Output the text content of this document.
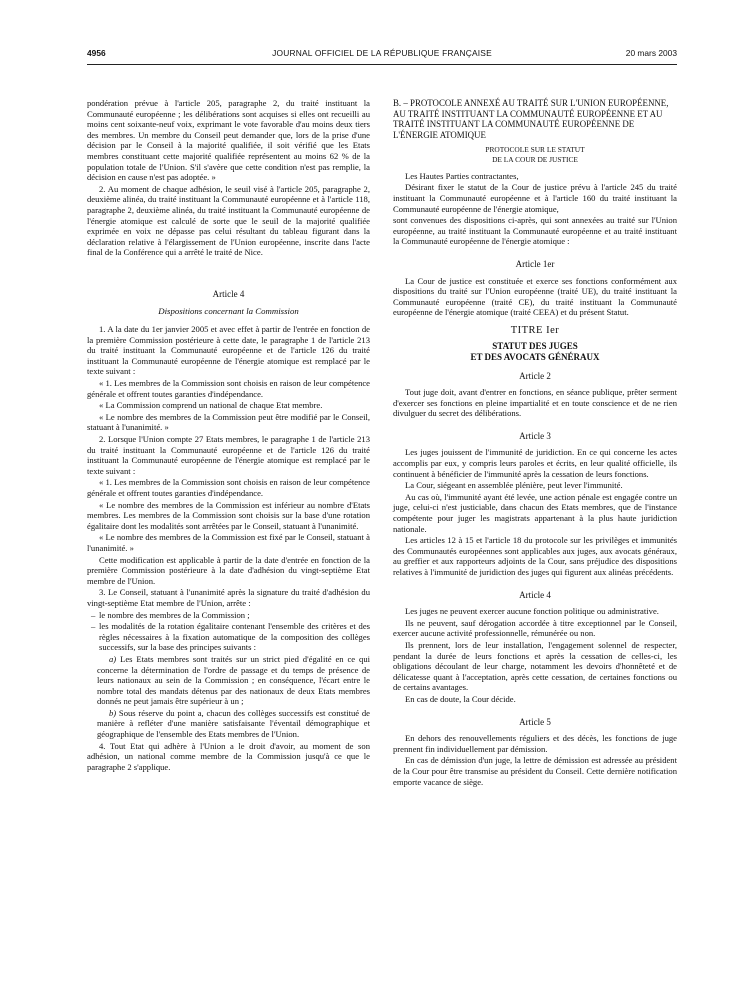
4956	JOURNAL OFFICIEL DE LA RÉPUBLIQUE FRANÇAISE	20 mars 2003

pondération prévue à l'article 205, paragraphe 2, du traité instituant la Communauté européenne ; les délibérations sont acquises si elles ont recueilli au moins cent soixante-neuf voix, exprimant le vote favorable d'au moins deux tiers des membres. Un membre du Conseil peut demander que, lors de la prise d'une décision par le Conseil à la majorité qualifiée, il soit vérifié que les Etats membres constituant cette majorité qualifiée représentent au moins 62 % de la population totale de l'Union. S'il s'avère que cette condition n'est pas remplie, la décision en cause n'est pas adoptée. »

2. Au moment de chaque adhésion, le seuil visé à l'article 205, paragraphe 2, deuxième alinéa, du traité instituant la Communauté européenne et à l'article 118, paragraphe 2, deuxième alinéa, du traité instituant la Communauté européenne de l'énergie atomique est calculé de sorte que le seuil de la majorité qualifiée exprimée en voix ne dépasse pas celui résultant du tableau figurant dans la déclaration relative à l'élargissement de l'Union européenne, inscrite dans l'acte final de la Conférence qui a arrêté le traité de Nice.

Article 4
Dispositions concernant la Commission

1. A la date du 1er janvier 2005 et avec effet à partir de l'entrée en fonction de la première Commission postérieure à cette date, le paragraphe 1 de l'article 213 du traité instituant la Communauté européenne et de l'article 126 du traité instituant la Communauté européenne de l'énergie atomique est remplacé par le texte suivant :

« 1. Les membres de la Commission sont choisis en raison de leur compétence générale et offrent toutes garanties d'indépendance.

« La Commission comprend un national de chaque Etat membre.

« Le nombre des membres de la Commission peut être modifié par le Conseil, statuant à l'unanimité. »

2. Lorsque l'Union compte 27 Etats membres, le paragraphe 1 de l'article 213 du traité instituant la Communauté européenne et de l'article 126 du traité instituant la Communauté européenne de l'énergie atomique est remplacé par le texte suivant :

« 1. Les membres de la Commission sont choisis en raison de leur compétence générale et offrent toutes garanties d'indépendance.

« Le nombre des membres de la Commission est inférieur au nombre d'Etats membres. Les membres de la Commission sont choisis sur la base d'une rotation égalitaire dont les modalités sont arrêtées par le Conseil, statuant à l'unanimité.

« Le nombre des membres de la Commission est fixé par le Conseil, statuant à l'unanimité. »

Cette modification est applicable à partir de la date d'entrée en fonction de la première Commission postérieure à la date d'adhésion du vingt-septième Etat membre de l'Union.

3. Le Conseil, statuant à l'unanimité après la signature du traité d'adhésion du vingt-septième Etat membre de l'Union, arrête :

– le nombre des membres de la Commission ;

– les modalités de la rotation égalitaire contenant l'ensemble des critères et des règles nécessaires à la fixation automatique de la composition des collèges successifs, sur la base des principes suivants :

a) Les Etats membres sont traités sur un strict pied d'égalité en ce qui concerne la détermination de l'ordre de passage et du temps de présence de leurs nationaux au sein de la Commission ; en conséquence, l'écart entre le nombre total des mandats détenus par des nationaux de deux Etats membres donnés ne peut jamais être supérieur à un ;

b) Sous réserve du point a, chacun des collèges successifs est constitué de manière à refléter d'une manière satisfaisante l'éventail démographique et géographique de l'ensemble des Etats membres de l'Union.

4. Tout Etat qui adhère à l'Union a le droit d'avoir, au moment de son adhésion, un national comme membre de la Commission jusqu'à ce que le paragraphe 2 s'applique.

B. – PROTOCOLE ANNEXÉ AU TRAITÉ SUR L'UNION EUROPÉENNE, AU TRAITÉ INSTITUANT LA COMMUNAUTÉ EUROPÉENNE ET AU TRAITÉ INSTITUANT LA COMMUNAUTÉ EUROPÉENNE DE L'ÉNERGIE ATOMIQUE

PROTOCOLE SUR LE STATUT
DE LA COUR DE JUSTICE

Les Hautes Parties contractantes,

Désirant fixer le statut de la Cour de justice prévu à l'article 245 du traité instituant la Communauté européenne et à l'article 160 du traité instituant la Communauté européenne de l'énergie atomique,

sont convenues des dispositions ci-après, qui sont annexées au traité sur l'Union européenne, au traité instituant la Communauté européenne et au traité instituant la Communauté européenne de l'énergie atomique :

Article 1er

La Cour de justice est constituée et exerce ses fonctions conformément aux dispositions du traité sur l'Union européenne (traité UE), du traité instituant la Communauté européenne (traité CE), du traité instituant la Communauté européenne de l'énergie atomique (traité CEEA) et du présent Statut.

TITRE Ier
STATUT DES JUGES
ET DES AVOCATS GÉNÉRAUX
Article 2

Tout juge doit, avant d'entrer en fonctions, en séance publique, prêter serment d'exercer ses fonctions en pleine impartialité et en toute conscience et de ne rien divulguer du secret des délibérations.

Article 3

Les juges jouissent de l'immunité de juridiction. En ce qui concerne les actes accomplis par eux, y compris leurs paroles et écrits, en leur qualité officielle, ils continuent à bénéficier de l'immunité après la cessation de leurs fonctions.

La Cour, siégeant en assemblée plénière, peut lever l'immunité.

Au cas où, l'immunité ayant été levée, une action pénale est engagée contre un juge, celui-ci n'est justiciable, dans chacun des Etats membres, que de l'instance compétente pour juger les magistrats appartenant à la plus haute juridiction nationale.

Les articles 12 à 15 et l'article 18 du protocole sur les privilèges et immunités des Communautés européennes sont applicables aux juges, aux avocats généraux, au greffier et aux rapporteurs adjoints de la Cour, sans préjudice des dispositions relatives à l'immunité de juridiction des juges qui figurent aux alinéas précédents.

Article 4

Les juges ne peuvent exercer aucune fonction politique ou administrative.

Ils ne peuvent, sauf dérogation accordée à titre exceptionnel par le Conseil, exercer aucune activité professionnelle, rémunérée ou non.

Ils prennent, lors de leur installation, l'engagement solennel de respecter, pendant la durée de leurs fonctions et après la cessation de celles-ci, les obligations découlant de leur charge, notamment les devoirs d'honnêteté et de délicatesse quant à l'acceptation, après cette cessation, de certaines fonctions ou de certains avantages.

En cas de doute, la Cour décide.

Article 5

En dehors des renouvellements réguliers et des décès, les fonctions de juge prennent fin individuellement par démission.

En cas de démission d'un juge, la lettre de démission est adressée au président de la Cour pour être transmise au président du Conseil. Cette dernière notification emporte vacance de siège.
